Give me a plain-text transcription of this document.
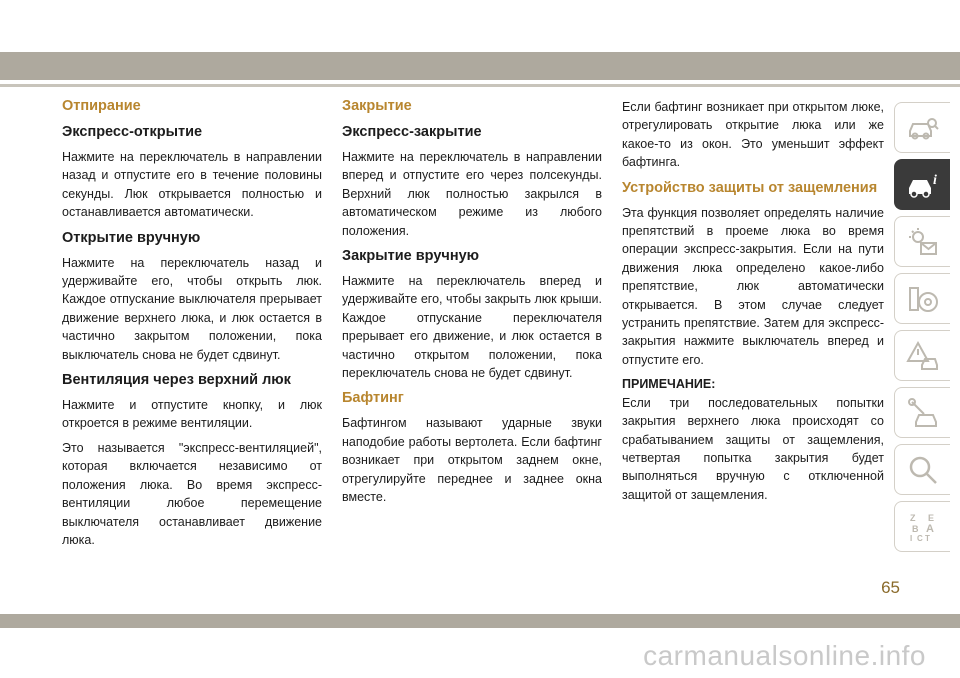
Отпирание
Экспресс-открытие

Нажмите на переключатель в направлении назад и отпустите его в течение половины секунды. Люк открывается полностью и останавливается автоматически.

Открытие вручную

Нажмите на переключатель назад и удерживайте его, чтобы открыть люк. Каждое отпускание выключателя прерывает движение верхнего люка, и люк остается в частично закрытом положении, пока выключатель снова не будет сдвинут.

Вентиляция через верхний люк

Нажмите и отпустите кнопку, и люк откроется в режиме вентиляции.

Это называется "экспресс-вентиляцией", которая включается независимо от положения люка. Во время экспресс-вентиляции любое перемещение выключателя останавливает движение люка.

Закрытие
Экспресс-закрытие

Нажмите на переключатель в направлении вперед и отпустите его через полсекунды. Верхний люк полностью закрылся в автоматическом режиме из любого положения.

Закрытие вручную

Нажмите на переключатель вперед и удерживайте его, чтобы закрыть люк крыши. Каждое отпускание переключателя прерывает его движение, и люк остается в частично открытом положении, пока переключатель снова не будет сдвинут.

Бафтинг

Бафтингом называют ударные звуки наподобие работы вертолета. Если бафтинг возникает при открытом заднем окне, отрегулируйте переднее и заднее окна вместе.

Если бафтинг возникает при открытом люке, отрегулировать открытие люка или же какое-то из окон. Это уменьшит эффект бафтинга.

Устройство защиты от защемления

Эта функция позволяет определять наличие препятствий в проеме люка во время операции экспресс-закрытия. Если на пути движения люка определено какое-либо препятствие, люк автоматически открывается. В этом случае следует устранить препятствие. Затем для экспресс-закрытия нажмите выключатель вперед и отпустите его.

ПРИМЕЧАНИЕ:

Если три последовательных попытки закрытия верхнего люка происходят со срабатыванием защиты от защемления, четвертая попытка закрытия будет выполняться вручную с отключенной защитой от защемления.

i
Z E
B A
I C T
65
carmanualsonline.info
